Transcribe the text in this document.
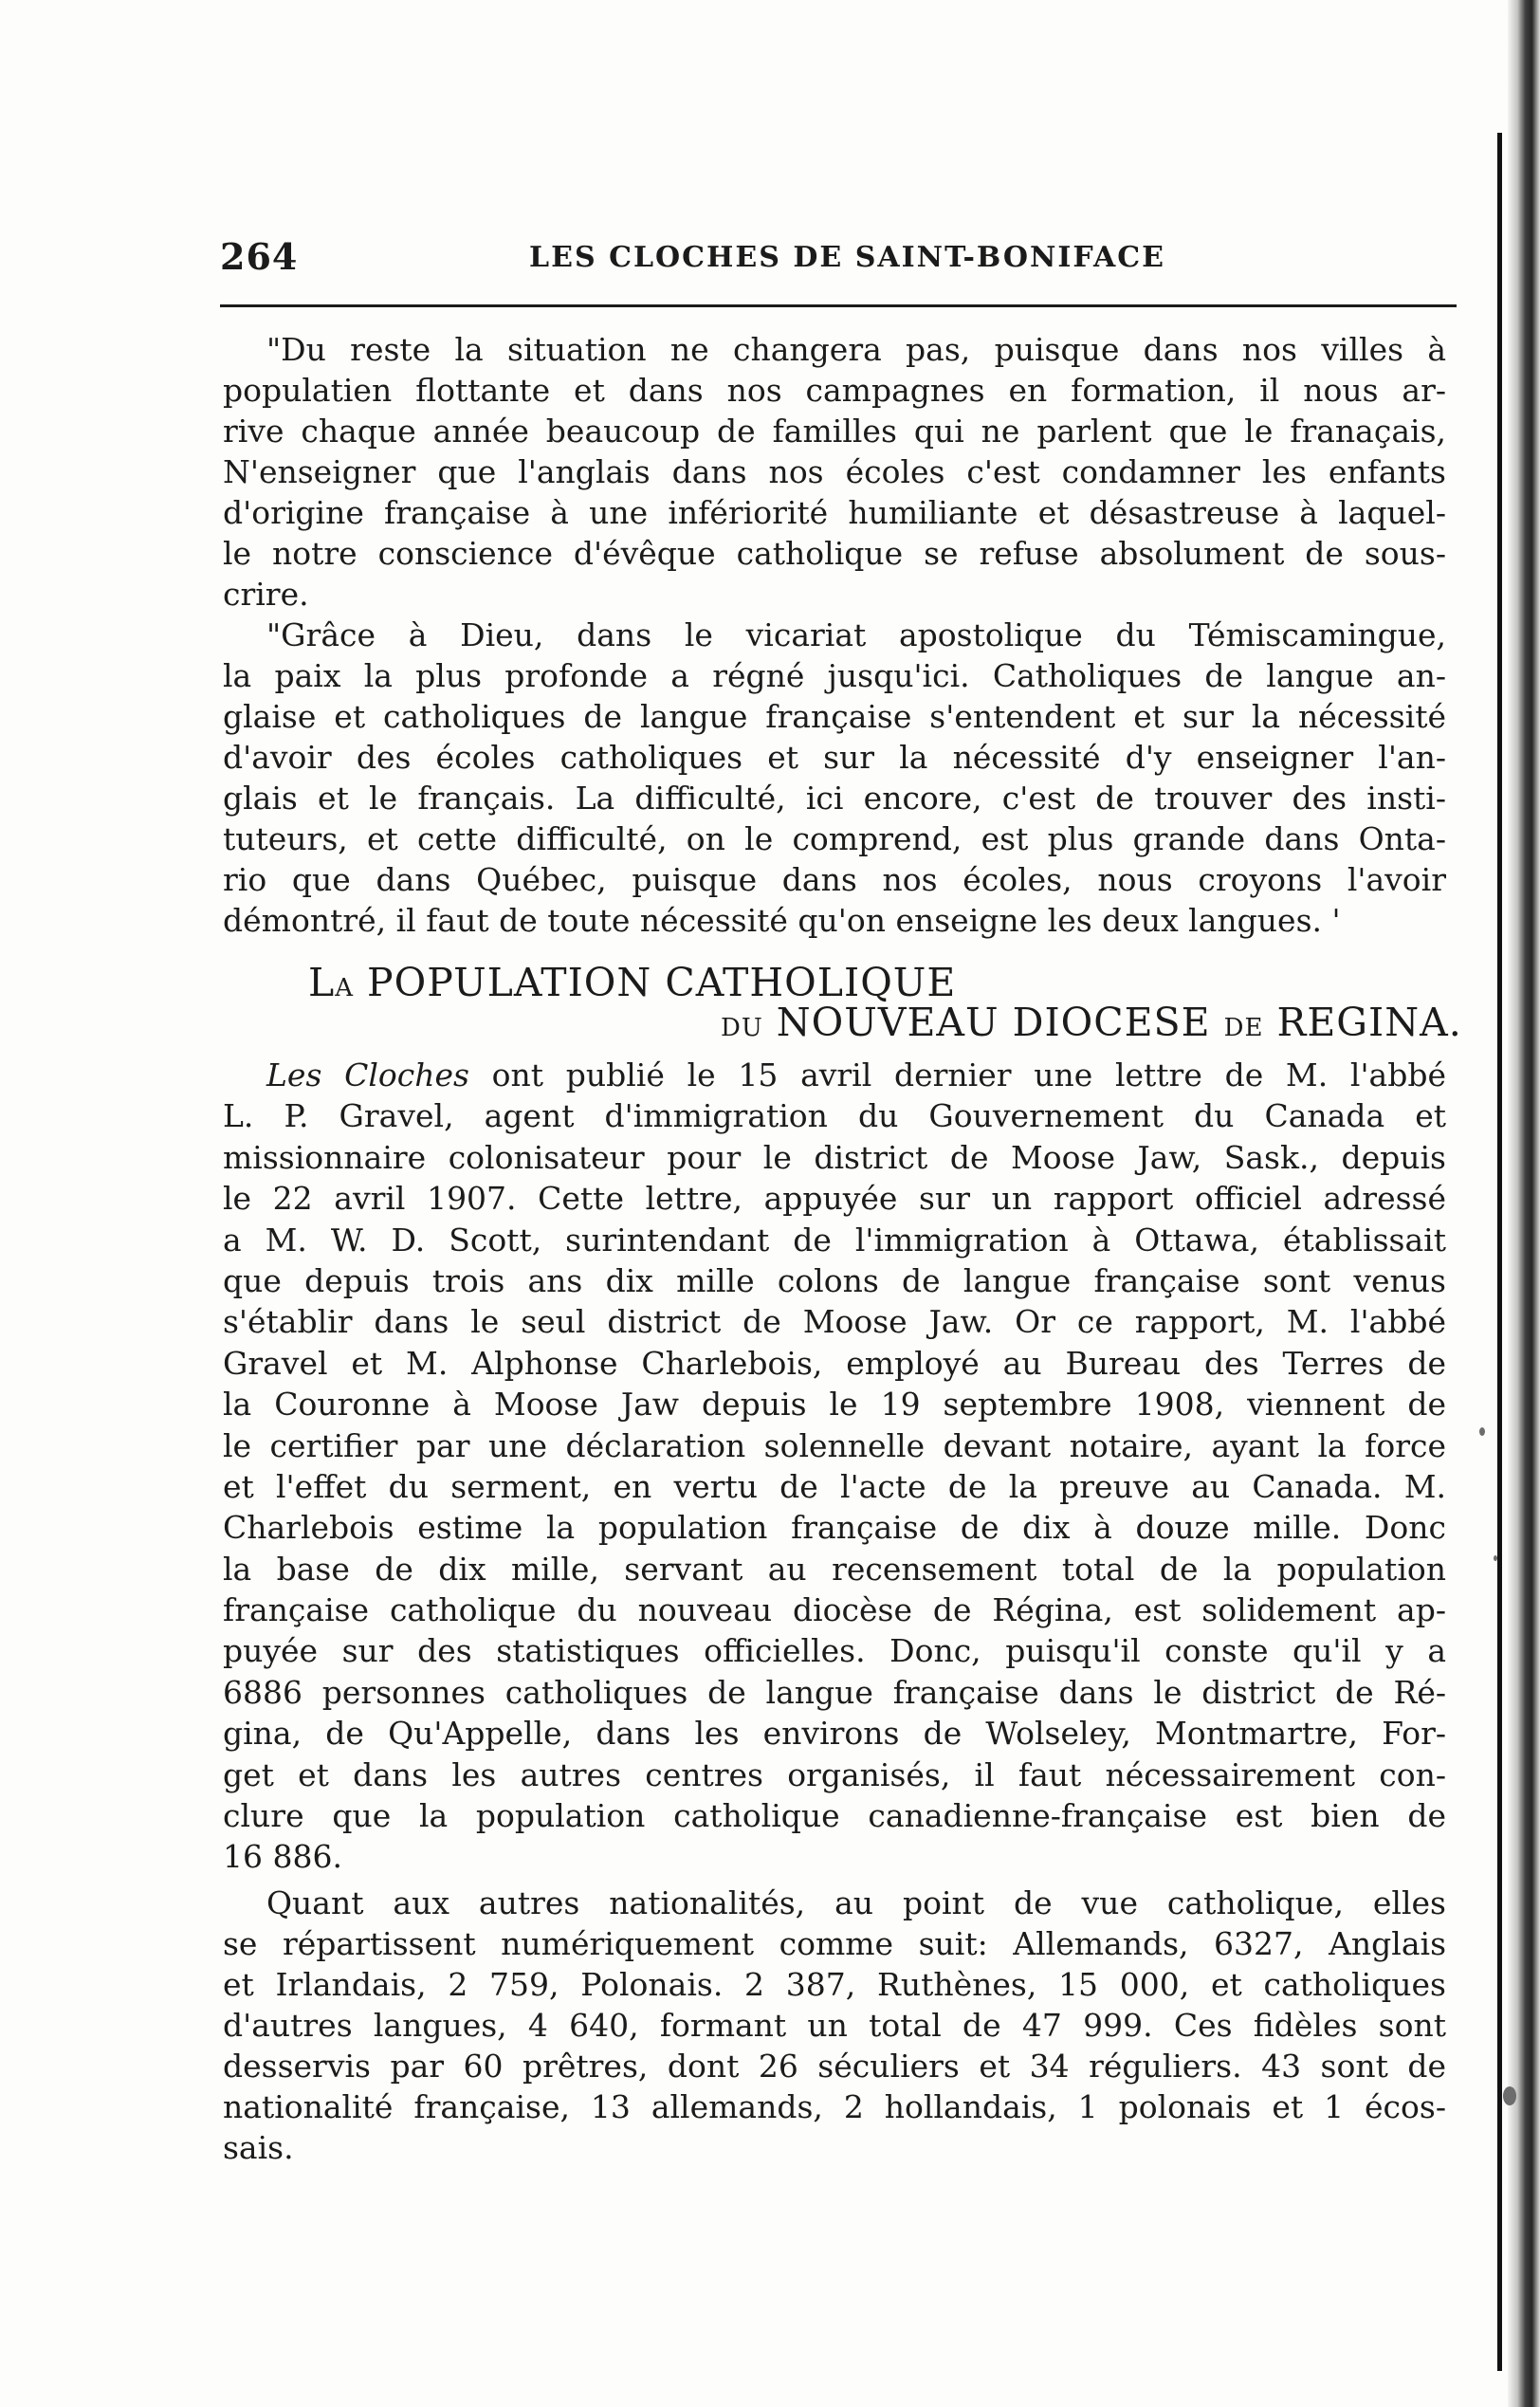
264	LES CLOCHES DE SAINT-BONIFACE
"Du reste la situation ne changera pas, puisque dans nos villes à
populatien flottante et dans nos campagnes en formation, il nous ar-
rive chaque année beaucoup de familles qui ne parlent que le franaçais,
N'enseigner que l'anglais dans nos écoles c'est condamner les enfants
d'origine française à une infériorité humiliante et désastreuse à laquel-
le notre conscience d'évêque catholique se refuse absolument de sous-
crire.
"Grâce à Dieu, dans le vicariat apostolique du Témiscamingue,
la paix la plus profonde a régné jusqu'ici. Catholiques de langue an-
glaise et catholiques de langue française s'entendent et sur la nécessité
d'avoir des écoles catholiques et sur la nécessité d'y enseigner l'an-
glais et le français. La difficulté, ici encore, c'est de trouver des insti-
tuteurs, et cette difficulté, on le comprend, est plus grande dans Onta-
rio que dans Québec, puisque dans nos écoles, nous croyons l'avoir
démontré, il faut de toute nécessité qu'on enseigne les deux langues. '
LA POPULATION CATHOLIQUE
DU NOUVEAU DIOCESE DE REGINA.
Les Cloches ont publié le 15 avril dernier une lettre de M. l'abbé
L. P. Gravel, agent d'immigration du Gouvernement du Canada et
missionnaire colonisateur pour le district de Moose Jaw, Sask., depuis
le 22 avril 1907. Cette lettre, appuyée sur un rapport officiel adressé
a M. W. D. Scott, surintendant de l'immigration à Ottawa, établissait
que depuis trois ans dix mille colons de langue française sont venus
s'établir dans le seul district de Moose Jaw. Or ce rapport, M. l'abbé
Gravel et M. Alphonse Charlebois, employé au Bureau des Terres de
la Couronne à Moose Jaw depuis le 19 septembre 1908, viennent de
le certifier par une déclaration solennelle devant notaire, ayant la force
et l'effet du serment, en vertu de l'acte de la preuve au Canada. M.
Charlebois estime la population française de dix à douze mille. Donc
la base de dix mille, servant au recensement total de la population
française catholique du nouveau diocèse de Régina, est solidement ap-
puyée sur des statistiques officielles. Donc, puisqu'il conste qu'il y a
6886 personnes catholiques de langue française dans le district de Ré-
gina, de Qu'Appelle, dans les environs de Wolseley, Montmartre, For-
get et dans les autres centres organisés, il faut nécessairement con-
clure que la population catholique canadienne-française est bien de
16 886.
Quant aux autres nationalités, au point de vue catholique, elles
se répartissent numériquement comme suit: Allemands, 6327, Anglais
et Irlandais, 2 759, Polonais. 2 387, Ruthènes, 15 000, et catholiques
d'autres langues, 4 640, formant un total de 47 999. Ces fidèles sont
desservis par 60 prêtres, dont 26 séculiers et 34 réguliers. 43 sont de
nationalité française, 13 allemands, 2 hollandais, 1 polonais et 1 écos-
sais.
